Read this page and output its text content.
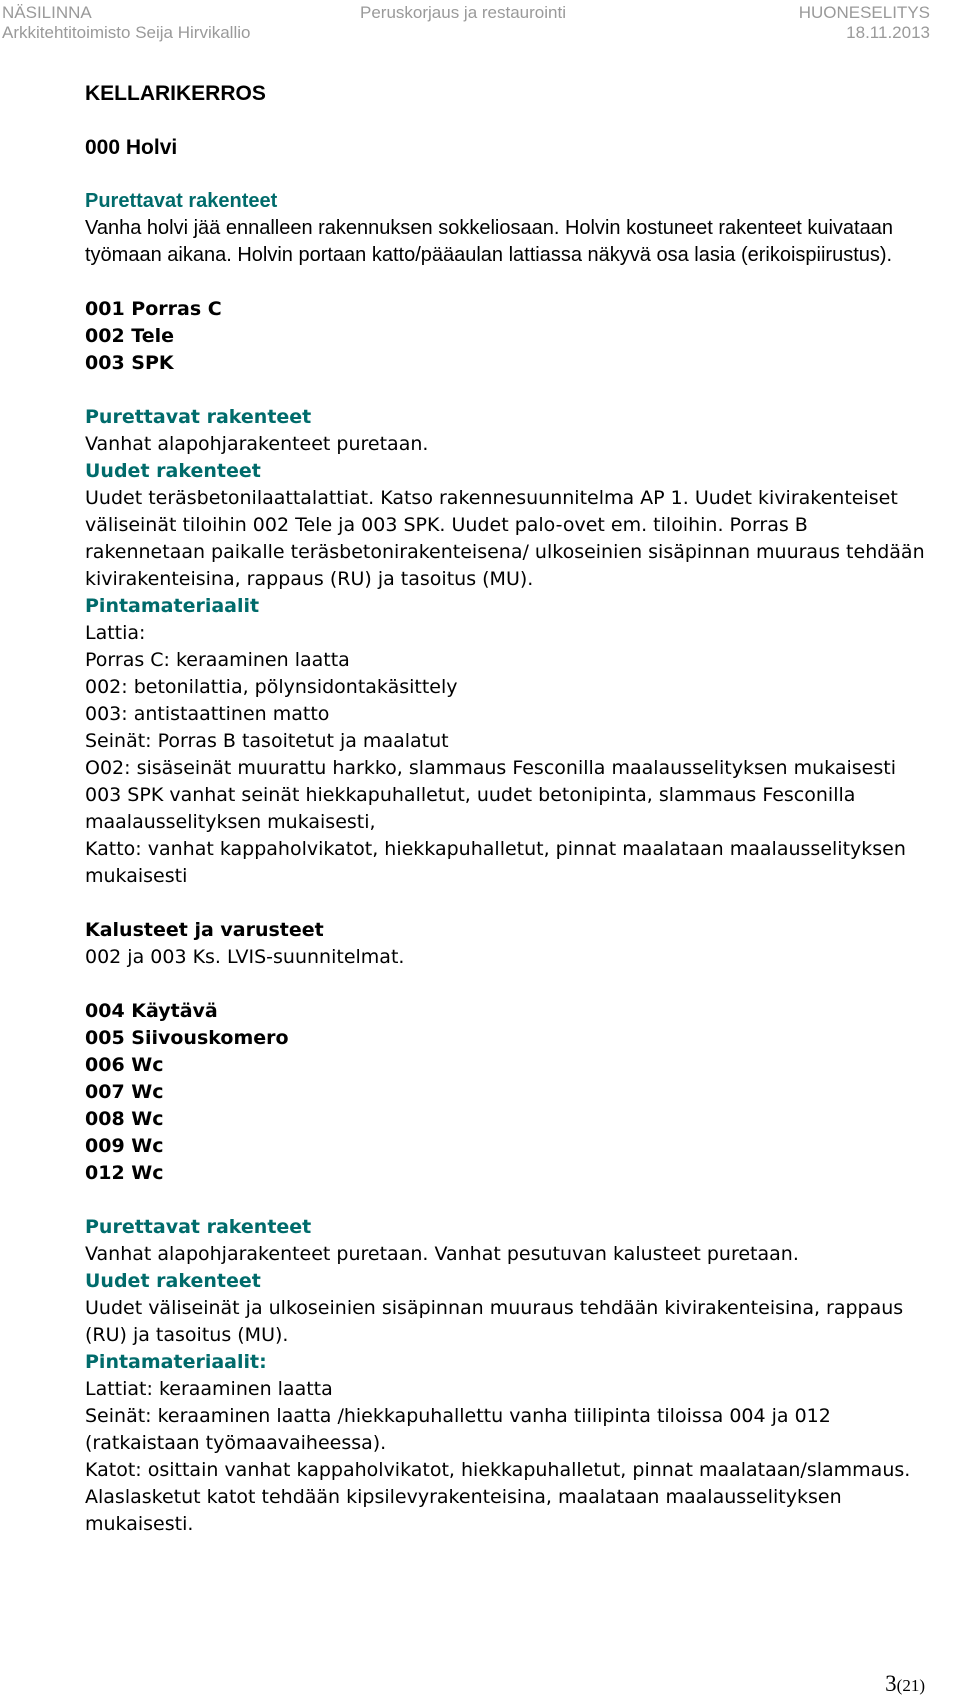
NÄSILINNA
Arkkitehtitoimisto Seija Hirvikallio
Peruskorjaus ja restaurointi	HUONESELITYS
18.11.2013

KELLARIKERROS

000 Holvi

Purettavat rakenteet

Vanha holvi jää ennalleen rakennuksen sokkeliosaan. Holvin kostuneet rakenteet kuivataan työmaan aikana. Holvin portaan katto/pääaulan lattiassa näkyvä osa lasia (erikoispiirustus).

001 Porras C

002 Tele

003 SPK

Purettavat rakenteet

Vanhat alapohjarakenteet puretaan.

Uudet rakenteet

Uudet teräsbetonilaattalattiat. Katso rakennesuunnitelma AP 1. Uudet kivirakenteiset väliseinät tiloihin 002 Tele ja 003 SPK. Uudet palo-ovet em. tiloihin. Porras B rakennetaan paikalle teräsbetonirakenteisena/ ulkoseinien sisäpinnan muuraus tehdään kivirakenteisina, rappaus (RU) ja tasoitus (MU).

Pintamateriaalit

Lattia:

Porras C: keraaminen laatta

002: betonilattia, pölynsidontakäsittely

003: antistaattinen matto

Seinät: Porras B tasoitetut ja maalatut

O02: sisäseinät muurattu harkko, slammaus Fesconilla maalausselityksen mukaisesti

003 SPK vanhat seinät hiekkapuhalletut, uudet betonipinta, slammaus Fesconilla maalausselityksen mukaisesti,

Katto: vanhat kappaholvikatot, hiekkapuhalletut, pinnat maalataan maalausselityksen mukaisesti

Kalusteet ja varusteet

002 ja 003 Ks. LVIS-suunnitelmat.

004 Käytävä

005 Siivouskomero

006 Wc

007 Wc

008 Wc

009 Wc

012 Wc

Purettavat rakenteet

Vanhat alapohjarakenteet puretaan. Vanhat pesutuvan kalusteet puretaan.

Uudet rakenteet

Uudet väliseinät ja ulkoseinien sisäpinnan muuraus tehdään kivirakenteisina, rappaus (RU) ja tasoitus (MU).

Pintamateriaalit:

Lattiat: keraaminen laatta

Seinät: keraaminen laatta /hiekkapuhallettu vanha tiilipinta tiloissa 004 ja 012 (ratkaistaan työmaavaiheessa).

Katot: osittain vanhat kappaholvikatot, hiekkapuhalletut, pinnat maalataan/slammaus. Alaslasketut katot tehdään kipsilevyrakenteisina, maalataan maalausselityksen mukaisesti.

3(21)
